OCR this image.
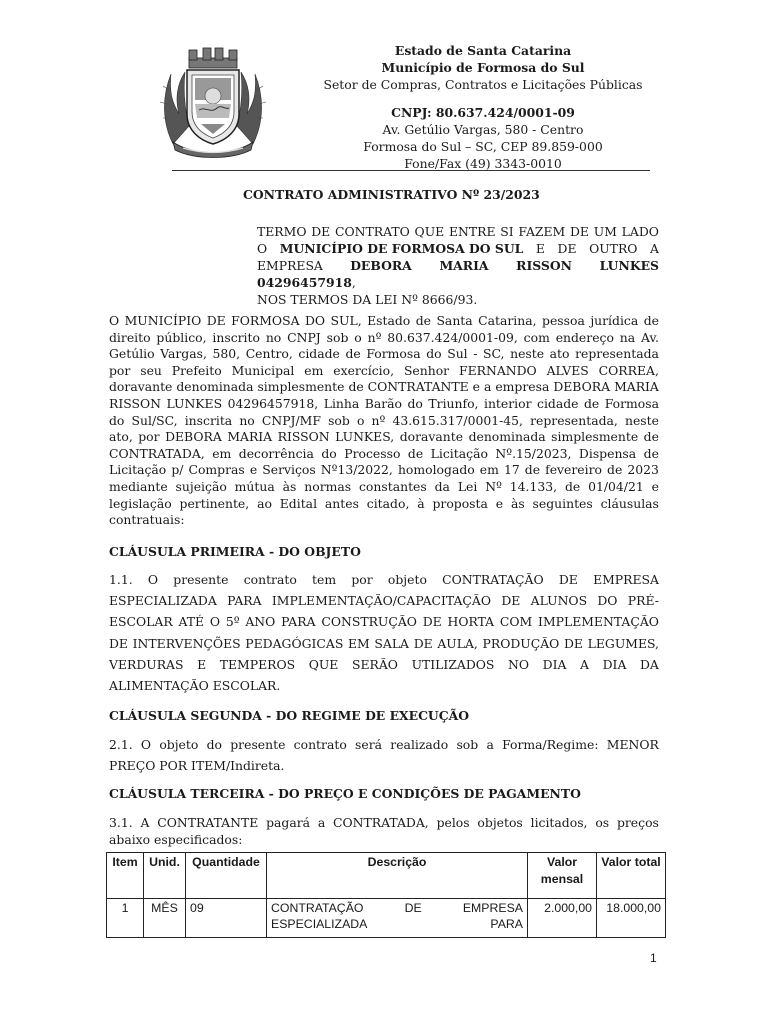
Estado de Santa Catarina
Município de Formosa do Sul
Setor de Compras, Contratos e Licitações Públicas
CNPJ: 80.637.424/0001-09
Av. Getúlio Vargas, 580 - Centro
Formosa do Sul – SC, CEP 89.859-000
Fone/Fax (49) 3343-0010
CONTRATO ADMINISTRATIVO Nº 23/2023
TERMO DE CONTRATO QUE ENTRE SI FAZEM DE UM LADO
O MUNICÍPIO DE FORMOSA DO SUL E DE OUTRO A
EMPRESA DEBORA MARIA RISSON LUNKES 04296457918,
NOS TERMOS DA LEI Nº 8666/93.
O MUNICÍPIO DE FORMOSA DO SUL, Estado de Santa Catarina, pessoa jurídica de
direito público, inscrito no CNPJ sob o nº 80.637.424/0001-09, com endereço na Av.
Getúlio Vargas, 580, Centro, cidade de Formosa do Sul - SC, neste ato representada
por seu Prefeito Municipal em exercício, Senhor FERNANDO ALVES CORREA,
doravante denominada simplesmente de CONTRATANTE e a empresa DEBORA MARIA
RISSON LUNKES 04296457918, Linha Barão do Triunfo, interior cidade de Formosa
do Sul/SC, inscrita no CNPJ/MF sob o nº 43.615.317/0001-45, representada, neste
ato, por DEBORA MARIA RISSON LUNKES, doravante denominada simplesmente de
CONTRATADA, em decorrência do Processo de Licitação Nº.15/2023, Dispensa de
Licitação p/ Compras e Serviços Nº13/2022, homologado em 17 de fevereiro de 2023
mediante sujeição mútua às normas constantes da Lei Nº 14.133, de 01/04/21 e
legislação pertinente, ao Edital antes citado, à proposta e às seguintes cláusulas
contratuais:
CLÁUSULA PRIMEIRA - DO OBJETO
1.1. O presente contrato tem por objeto CONTRATAÇÃO DE EMPRESA
ESPECIALIZADA PARA IMPLEMENTAÇÃO/CAPACITAÇÃO DE ALUNOS DO PRÉ-
ESCOLAR ATÉ O 5º ANO PARA CONSTRUÇÃO DE HORTA COM IMPLEMENTAÇÃO
DE INTERVENÇÕES PEDAGÓGICAS EM SALA DE AULA, PRODUÇÃO DE LEGUMES,
VERDURAS E TEMPEROS QUE SERÃO UTILIZADOS NO DIA A DIA DA
ALIMENTAÇÃO ESCOLAR.
CLÁUSULA SEGUNDA - DO REGIME DE EXECUÇÃO
2.1. O objeto do presente contrato será realizado sob a Forma/Regime: MENOR
PREÇO POR ITEM/Indireta.
CLÁUSULA TERCEIRA - DO PREÇO E CONDIÇÕES DE PAGAMENTO
3.1. A CONTRATANTE pagará a CONTRATADA, pelos objetos licitados, os preços
abaixo especificados:
Item	Unid.	Quantidade	Descrição	Valor mensal	Valor total
1	MÊS	09	CONTRATAÇÃO DE EMPRESA
ESPECIALIZADA PARA	2.000,00	18.000,00
1
